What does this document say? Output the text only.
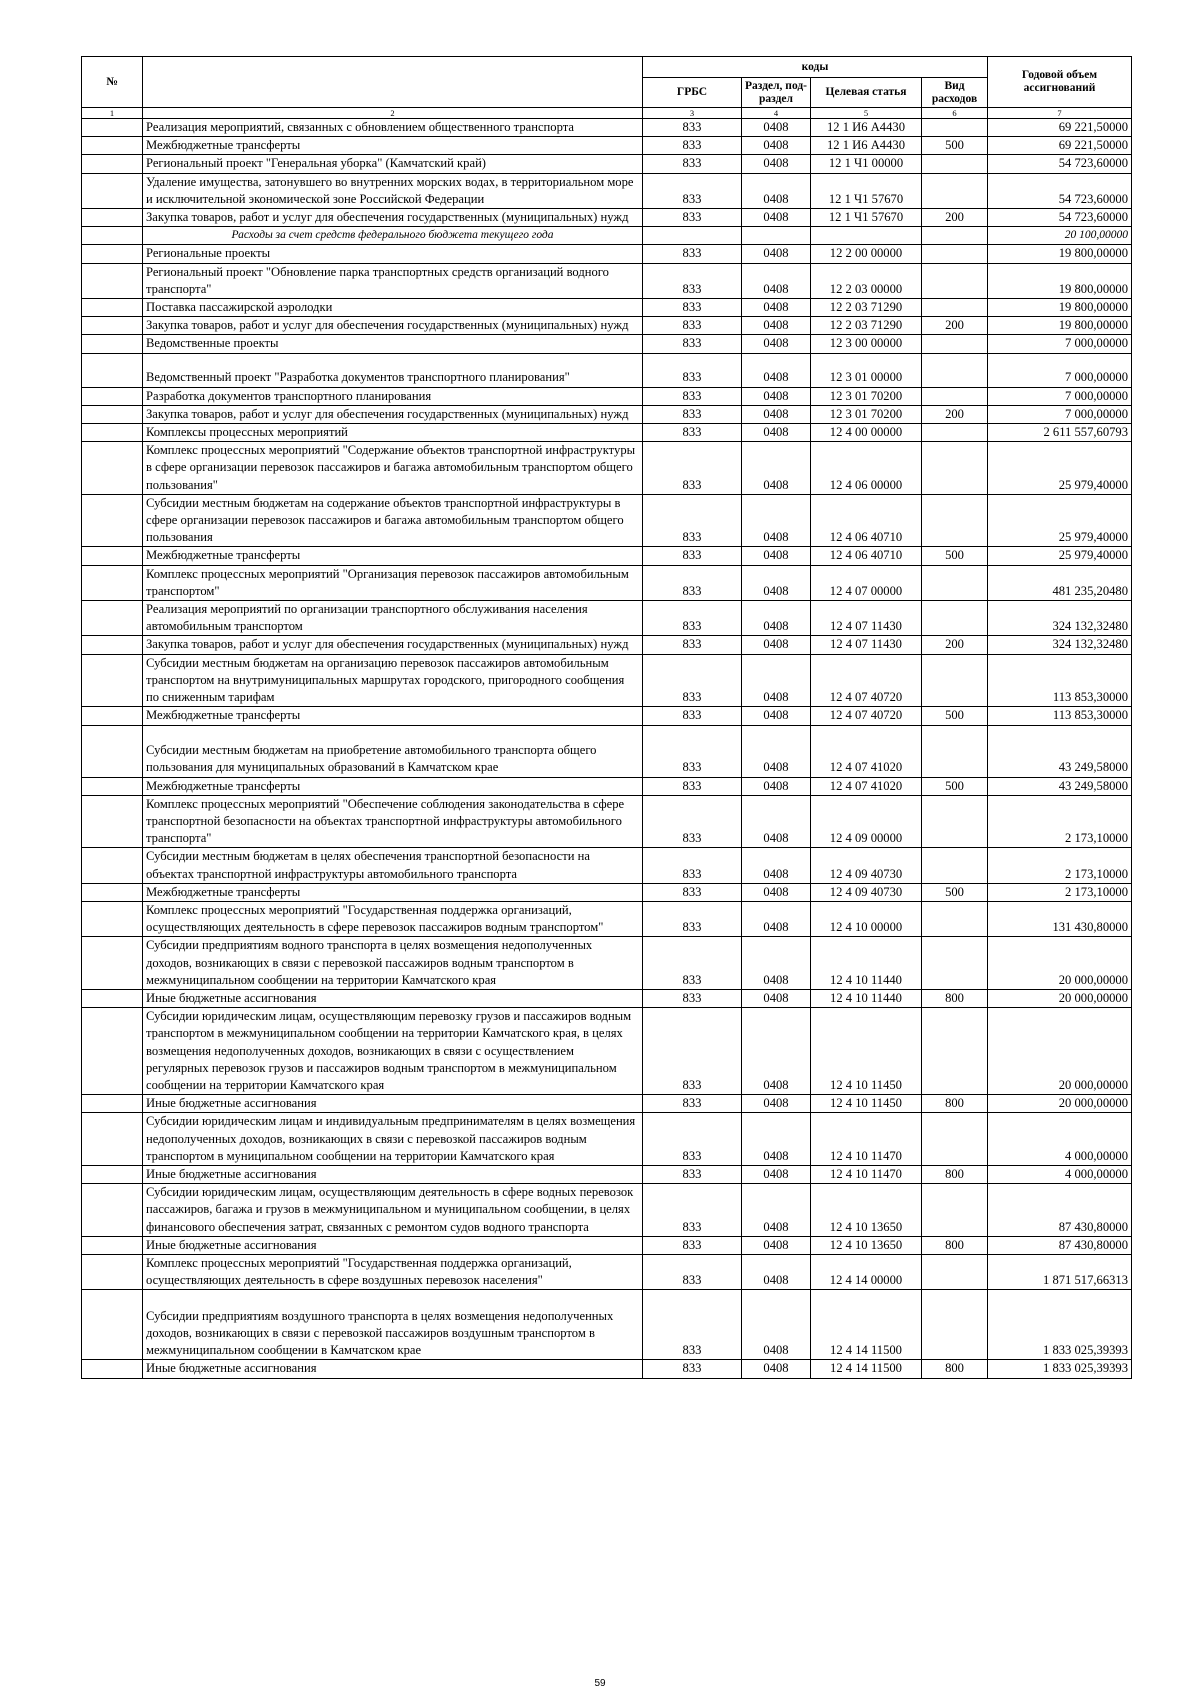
№		коды				Годовой объем ассигнований
		ГРБС	Раздел, под-раздел	Целевая статья	Вид расходов	
1	2	3	4	5	6	7
	Реализация мероприятий, связанных с обновлением общественного транспорта	833	0408	12 1 И6 А4430		69 221,50000
	Межбюджетные трансферты	833	0408	12 1 И6 А4430	500	69 221,50000
	Региональный проект "Генеральная уборка" (Камчатский край)	833	0408	12 1 Ч1 00000		54 723,60000
	Удаление имущества, затонувшего во внутренних морских водах, в территориальном море и исключительной экономической зоне Российской Федерации	833	0408	12 1 Ч1 57670		54 723,60000
	Закупка товаров, работ и услуг для обеспечения государственных (муниципальных) нужд	833	0408	12 1 Ч1 57670	200	54 723,60000
	Расходы за счет средств федерального бюджета текущего года					20 100,00000
	Региональные проекты	833	0408	12 2 00 00000		19 800,00000
	Региональный проект "Обновление парка транспортных средств организаций водного транспорта"	833	0408	12 2 03 00000		19 800,00000
	Поставка пассажирской аэролодки	833	0408	12 2 03 71290		19 800,00000
	Закупка товаров, работ и услуг для обеспечения государственных (муниципальных) нужд	833	0408	12 2 03 71290	200	19 800,00000
	Ведомственные проекты	833	0408	12 3 00 00000		7 000,00000
	Ведомственный проект "Разработка документов транспортного планирования"	833	0408	12 3 01 00000		7 000,00000
	Разработка документов транспортного планирования	833	0408	12 3 01 70200		7 000,00000
	Закупка товаров, работ и услуг для обеспечения государственных (муниципальных) нужд	833	0408	12 3 01 70200	200	7 000,00000
	Комплексы процессных мероприятий	833	0408	12 4 00 00000		2 611 557,60793
	Комплекс процессных мероприятий "Содержание объектов транспортной инфраструктуры в сфере организации перевозок пассажиров и багажа автомобильным транспортом общего пользования"	833	0408	12 4 06 00000		25 979,40000
	Субсидии местным бюджетам на содержание объектов транспортной инфраструктуры в сфере организации перевозок пассажиров и багажа автомобильным транспортом общего пользования	833	0408	12 4 06 40710		25 979,40000
	Межбюджетные трансферты	833	0408	12 4 06 40710	500	25 979,40000
	Комплекс процессных мероприятий "Организация перевозок пассажиров автомобильным транспортом"	833	0408	12 4 07 00000		481 235,20480
	Реализация мероприятий по организации транспортного обслуживания населения автомобильным транспортом	833	0408	12 4 07 11430		324 132,32480
	Закупка товаров, работ и услуг для обеспечения государственных (муниципальных) нужд	833	0408	12 4 07 11430	200	324 132,32480
	Субсидии местным бюджетам на организацию перевозок пассажиров автомобильным транспортом на внутримуниципальных маршрутах городского, пригородного сообщения по сниженным тарифам	833	0408	12 4 07 40720		113 853,30000
	Межбюджетные трансферты	833	0408	12 4 07 40720	500	113 853,30000
	Субсидии местным бюджетам на приобретение автомобильного транспорта общего пользования для муниципальных образований в Камчатском крае	833	0408	12 4 07 41020		43 249,58000
	Межбюджетные трансферты	833	0408	12 4 07 41020	500	43 249,58000
	Комплекс процессных мероприятий "Обеспечение соблюдения законодательства в сфере транспортной безопасности на объектах транспортной инфраструктуры автомобильного транспорта"	833	0408	12 4 09 00000		2 173,10000
	Субсидии местным бюджетам в целях обеспечения транспортной безопасности на объектах транспортной инфраструктуры автомобильного транспорта	833	0408	12 4 09 40730		2 173,10000
	Межбюджетные трансферты	833	0408	12 4 09 40730	500	2 173,10000
	Комплекс процессных мероприятий "Государственная поддержка организаций, осуществляющих деятельность в сфере перевозок пассажиров водным транспортом"	833	0408	12 4 10 00000		131 430,80000
	Субсидии предприятиям водного транспорта в целях возмещения недополученных доходов, возникающих в связи с перевозкой пассажиров водным транспортом в межмуниципальном сообщении на территории Камчатского края	833	0408	12 4 10 11440		20 000,00000
	Иные бюджетные ассигнования	833	0408	12 4 10 11440	800	20 000,00000
	Субсидии юридическим лицам, осуществляющим перевозку грузов и пассажиров водным транспортом в межмуниципальном сообщении на территории Камчатского края, в целях возмещения недополученных доходов, возникающих в связи с осуществлением регулярных перевозок грузов и пассажиров водным транспортом в межмуниципальном сообщении на территории Камчатского края	833	0408	12 4 10 11450		20 000,00000
	Иные бюджетные ассигнования	833	0408	12 4 10 11450	800	20 000,00000
	Субсидии юридическим лицам и индивидуальным предпринимателям в целях возмещения недополученных доходов, возникающих в связи с перевозкой пассажиров водным транспортом в муниципальном сообщении на территории Камчатского края	833	0408	12 4 10 11470		4 000,00000
	Иные бюджетные ассигнования	833	0408	12 4 10 11470	800	4 000,00000
	Субсидии юридическим лицам, осуществляющим деятельность в сфере водных перевозок пассажиров, багажа и грузов в межмуниципальном и муниципальном сообщении, в целях финансового обеспечения затрат, связанных с ремонтом судов водного транспорта	833	0408	12 4 10 13650		87 430,80000
	Иные бюджетные ассигнования	833	0408	12 4 10 13650	800	87 430,80000
	Комплекс процессных мероприятий "Государственная поддержка организаций, осуществляющих деятельность в сфере воздушных перевозок населения"	833	0408	12 4 14 00000		1 871 517,66313
	Субсидии предприятиям воздушного транспорта в целях возмещения недополученных доходов, возникающих в связи с перевозкой пассажиров воздушным транспортом в межмуниципальном сообщении в Камчатском крае	833	0408	12 4 14 11500		1 833 025,39393
	Иные бюджетные ассигнования	833	0408	12 4 14 11500	800	1 833 025,39393
59
